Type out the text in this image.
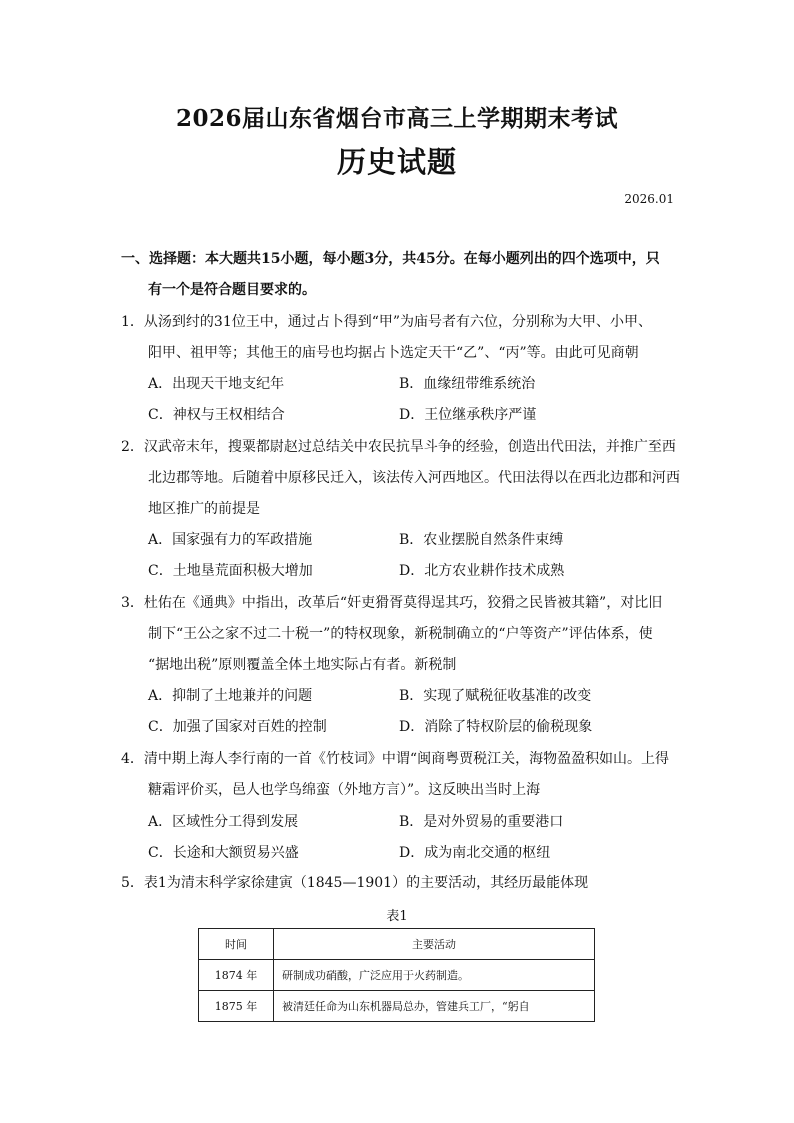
2026届山东省烟台市高三上学期期末考试
历史试题
2026.01
一、选择题：本大题共15小题，每小题3分，共45分。在每小题列出的四个选项中，只
有一个是符合题目要求的。
1．从汤到纣的31位王中，通过占卜得到“甲”为庙号者有六位，分别称为大甲、小甲、
阳甲、祖甲等；其他王的庙号也均据占卜选定天干“乙”、“丙”等。由此可见商朝
A．出现天干地支纪年	B．血缘纽带维系统治
C．神权与王权相结合	D．王位继承秩序严谨
2．汉武帝末年，搜粟都尉赵过总结关中农民抗旱斗争的经验，创造出代田法，并推广至西
北边郡等地。后随着中原移民迁入，该法传入河西地区。代田法得以在西北边郡和河西
地区推广的前提是
A．国家强有力的军政措施	B．农业摆脱自然条件束缚
C．土地垦荒面积极大增加	D．北方农业耕作技术成熟
3．杜佑在《通典》中指出，改革后“奸吏猾胥莫得逞其巧，狡猾之民皆被其籍”，对比旧
制下“王公之家不过二十税一”的特权现象，新税制确立的“户等资产”评估体系，使
“据地出税”原则覆盖全体土地实际占有者。新税制
A．抑制了土地兼并的问题	B．实现了赋税征收基准的改变
C．加强了国家对百姓的控制	D．消除了特权阶层的偷税现象
4．清中期上海人李行南的一首《竹枝词》中谓“闽商粤贾税江关，海物盈盈积如山。上得
糖霜评价买，邑人也学鸟绵蛮（外地方言）”。这反映出当时上海
A．区域性分工得到发展	B．是对外贸易的重要港口
C．长途和大额贸易兴盛	D．成为南北交通的枢纽
5．表1为清末科学家徐建寅（1845—1901）的主要活动，其经历最能体现
表1
时间	主要活动
1874 年	研制成功硝酸，广泛应用于火药制造。
1875 年	被清廷任命为山东机器局总办，管建兵工厂，“躬自
